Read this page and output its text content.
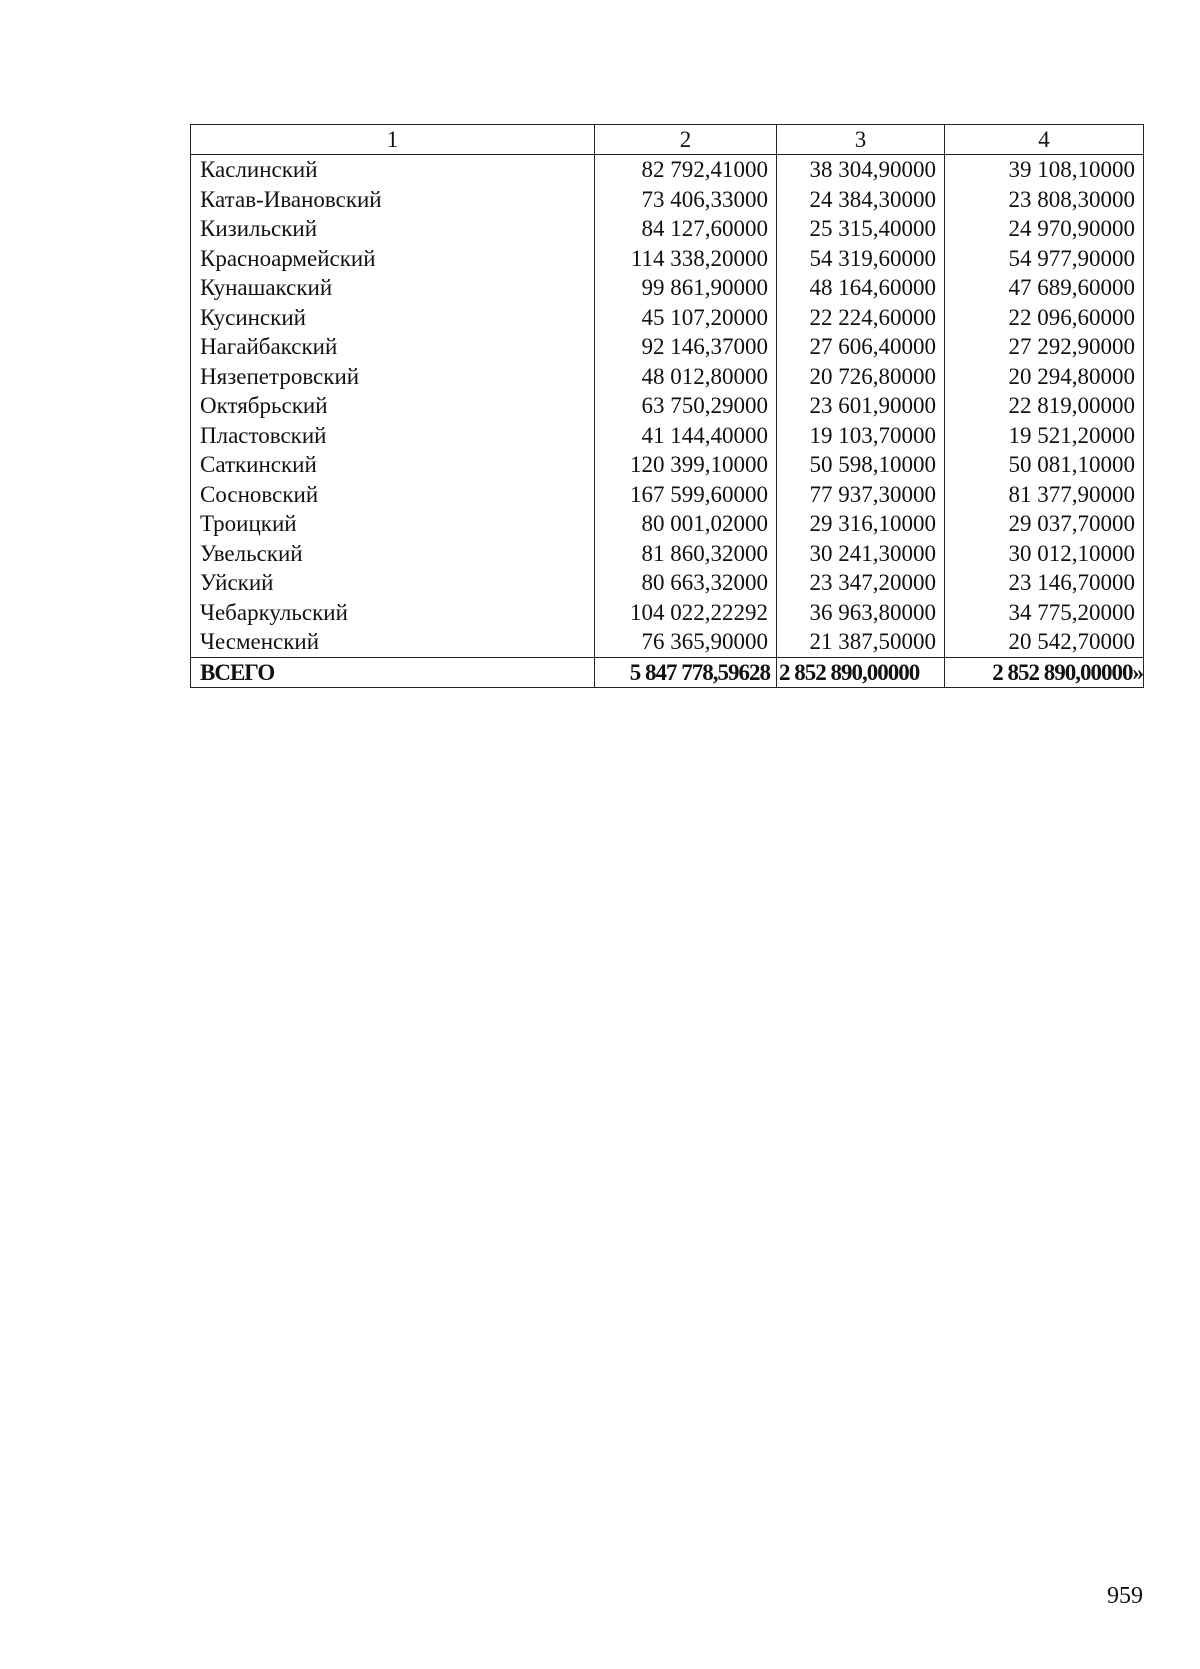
1	2	3	4
Каслинский	82 792,41000	38 304,90000	39 108,10000
Катав-Ивановский	73 406,33000	24 384,30000	23 808,30000
Кизильский	84 127,60000	25 315,40000	24 970,90000
Красноармейский	114 338,20000	54 319,60000	54 977,90000
Кунашакский	99 861,90000	48 164,60000	47 689,60000
Кусинский	45 107,20000	22 224,60000	22 096,60000
Нагайбакский	92 146,37000	27 606,40000	27 292,90000
Нязепетровский	48 012,80000	20 726,80000	20 294,80000
Октябрьский	63 750,29000	23 601,90000	22 819,00000
Пластовский	41 144,40000	19 103,70000	19 521,20000
Саткинский	120 399,10000	50 598,10000	50 081,10000
Сосновский	167 599,60000	77 937,30000	81 377,90000
Троицкий	80 001,02000	29 316,10000	29 037,70000
Увельский	81 860,32000	30 241,30000	30 012,10000
Уйский	80 663,32000	23 347,20000	23 146,70000
Чебаркульский	104 022,22292	36 963,80000	34 775,20000
Чесменский	76 365,90000	21 387,50000	20 542,70000
ВСЕГО	5 847 778,59628	2 852 890,00000	2 852 890,00000»
959
